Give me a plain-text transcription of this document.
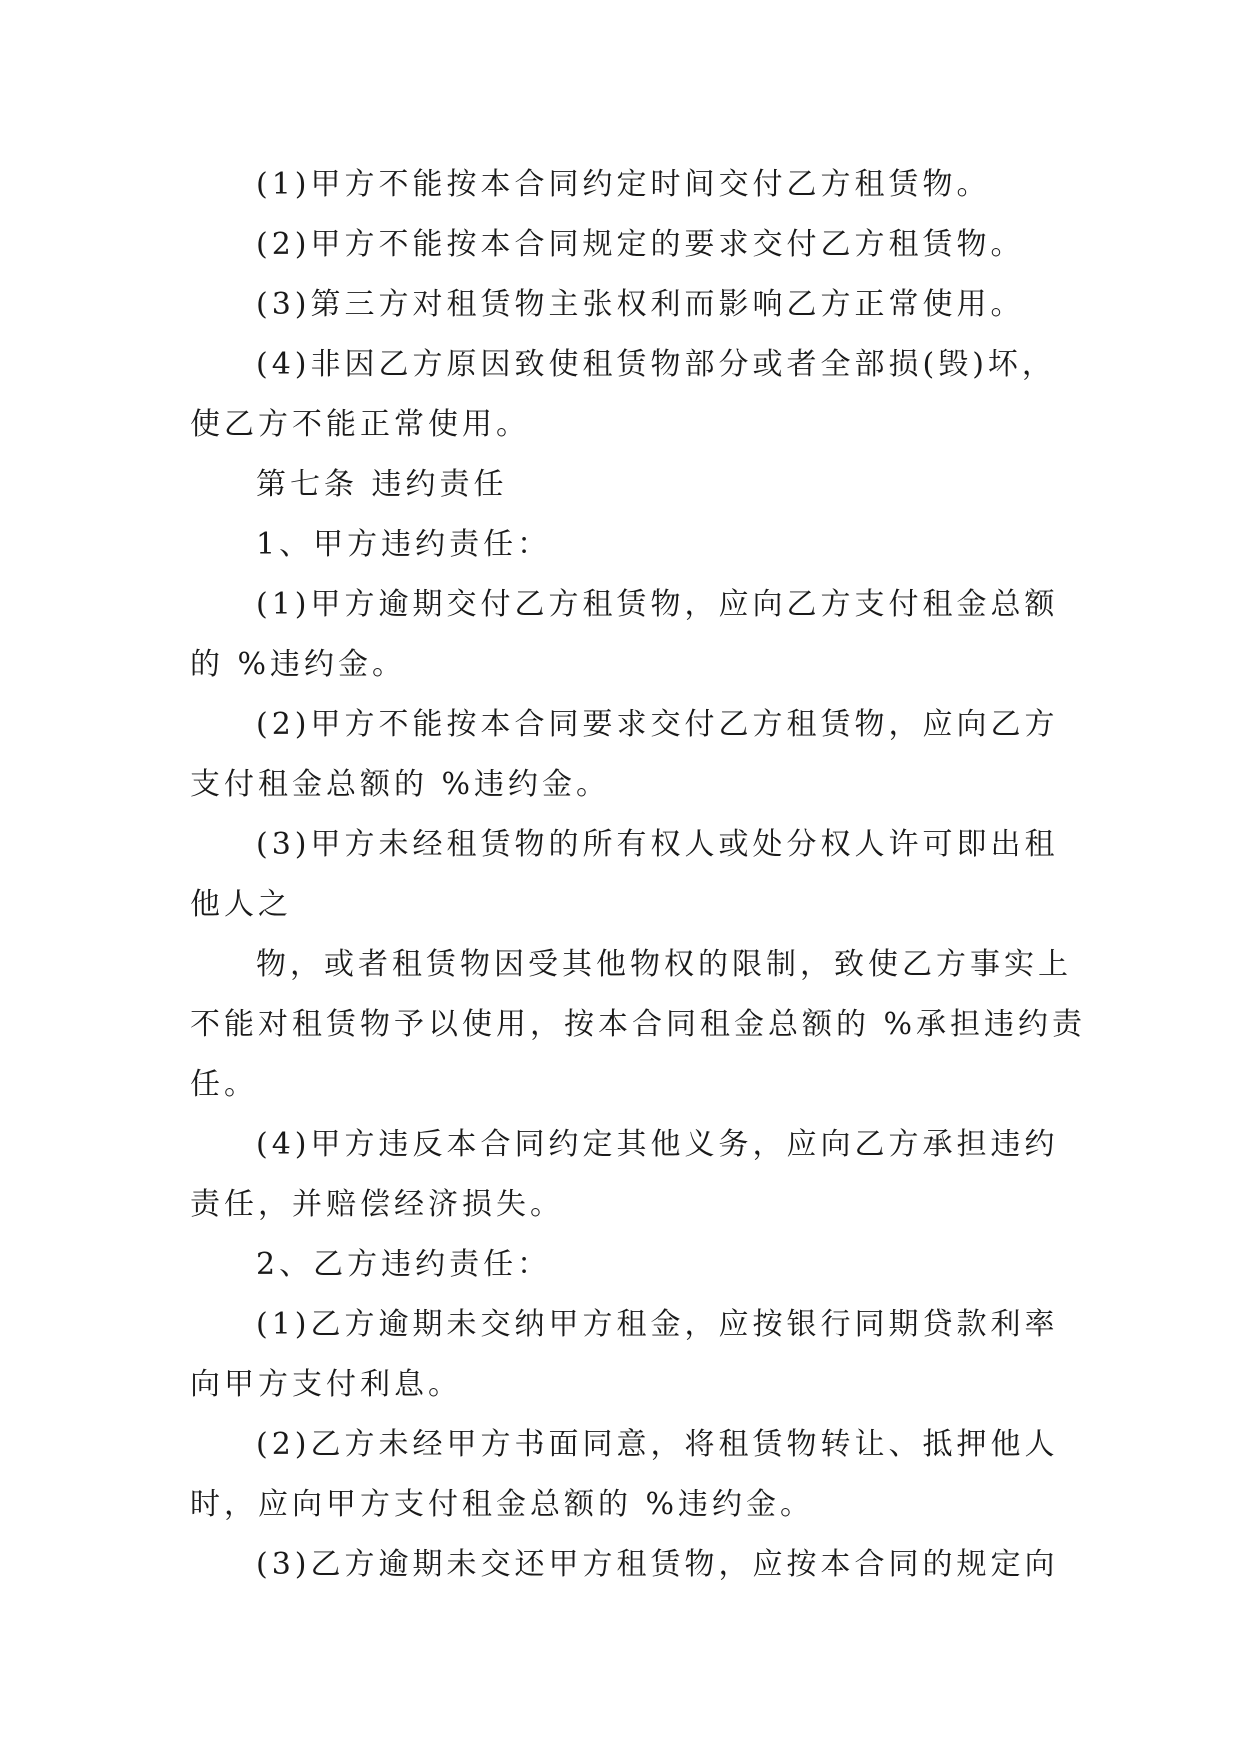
(1)甲方不能按本合同约定时间交付乙方租赁物。
(2)甲方不能按本合同规定的要求交付乙方租赁物。
(3)第三方对租赁物主张权利而影响乙方正常使用。
(4)非因乙方原因致使租赁物部分或者全部损(毁)坏，
使乙方不能正常使用。
第七条 违约责任
1、甲方违约责任：
(1)甲方逾期交付乙方租赁物，应向乙方支付租金总额
的 %违约金。
(2)甲方不能按本合同要求交付乙方租赁物，应向乙方
支付租金总额的 %违约金。
(3)甲方未经租赁物的所有权人或处分权人许可即出租
他人之
物，或者租赁物因受其他物权的限制，致使乙方事实上
不能对租赁物予以使用，按本合同租金总额的 %承担违约责
任。
(4)甲方违反本合同约定其他义务，应向乙方承担违约
责任，并赔偿经济损失。
2、乙方违约责任：
(1)乙方逾期未交纳甲方租金，应按银行同期贷款利率
向甲方支付利息。
(2)乙方未经甲方书面同意，将租赁物转让、抵押他人
时，应向甲方支付租金总额的 %违约金。
(3)乙方逾期未交还甲方租赁物，应按本合同的规定向
